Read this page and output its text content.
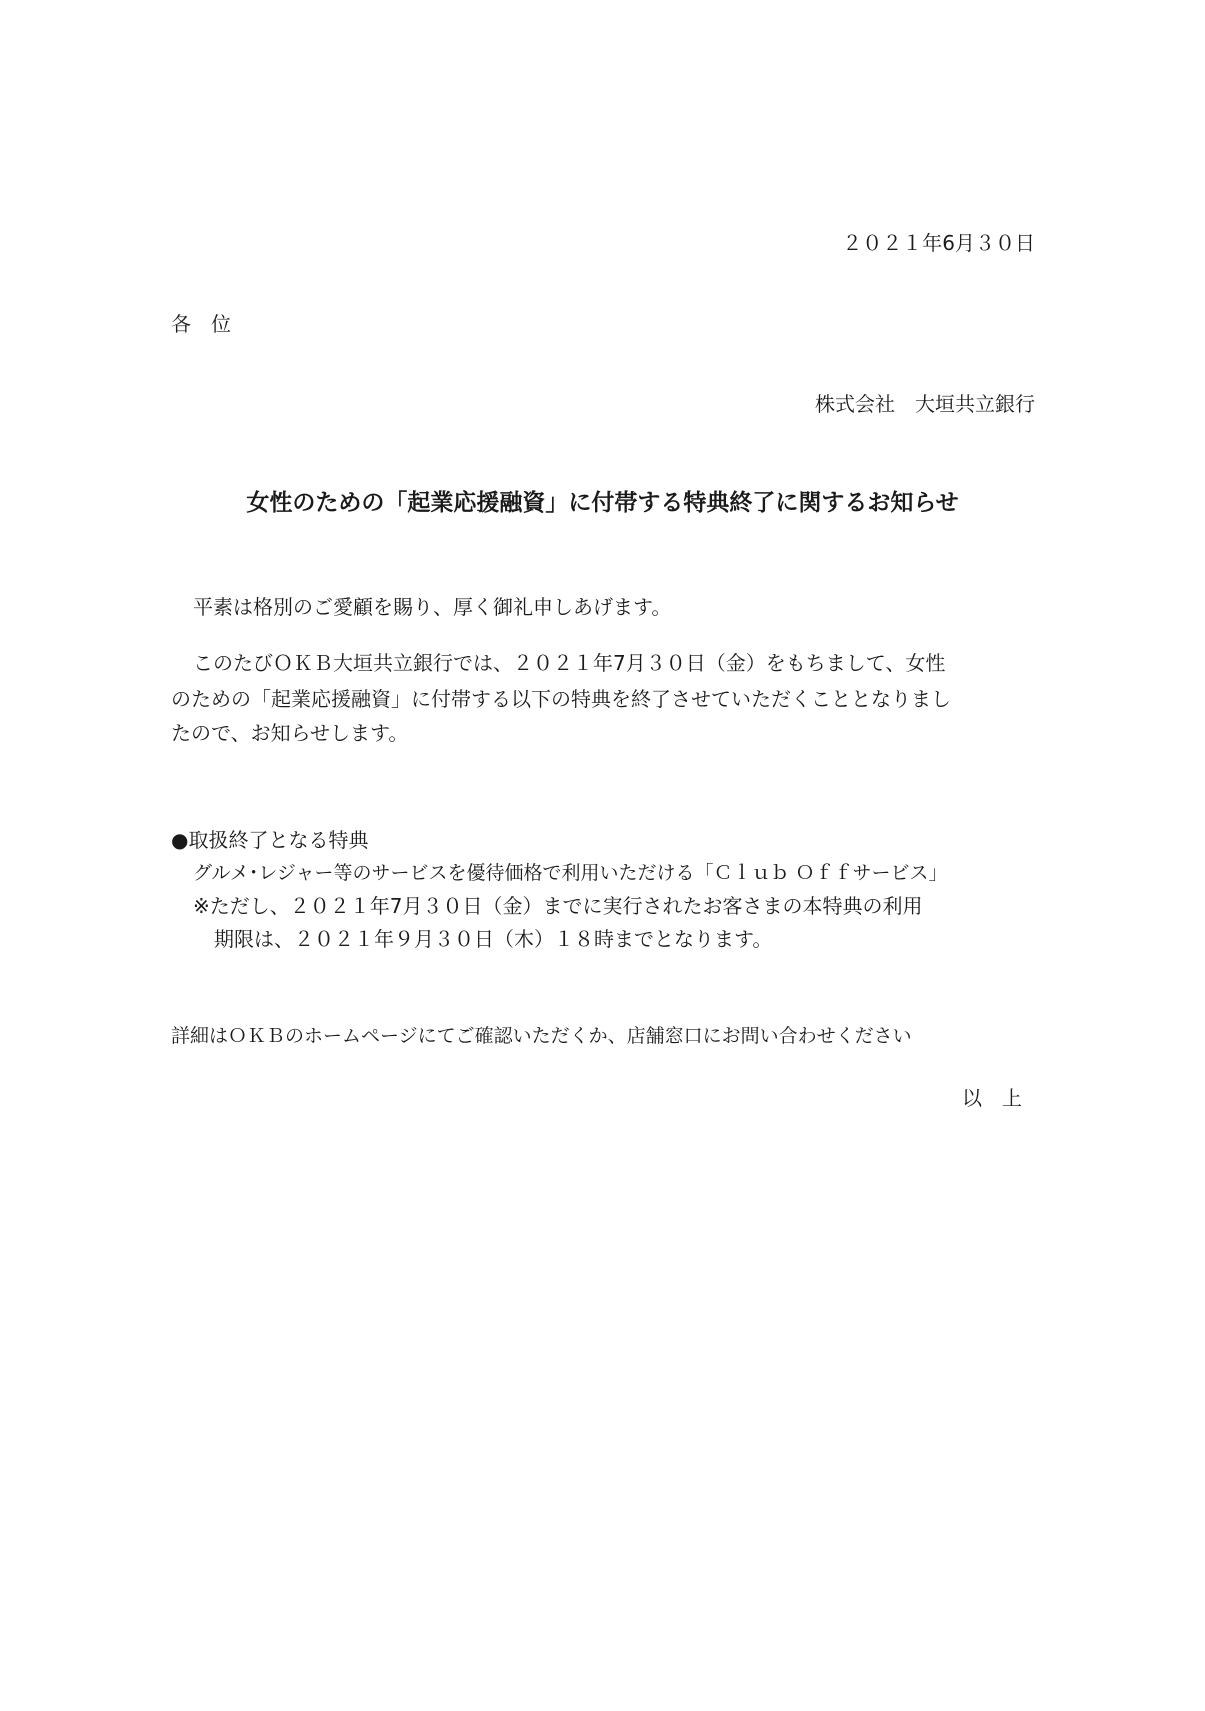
２０２１年6月３０日
各　位
株式会社　大垣共立銀行
女性のための「起業応援融資」に付帯する特典終了に関するお知らせ
平素は格別のご愛顧を賜り、厚く御礼申しあげます。
このたびＯＫＢ大垣共立銀行では、２０２１年7月３０日（金）をもちまして、女性
のための「起業応援融資」に付帯する以下の特典を終了させていただくこととなりまし
たので、お知らせします。
●取扱終了となる特典
グルメ･レジャー等のサービスを優待価格で利用いただける「Ｃｌｕｂ Ｏｆｆサービス」
※ただし、２０２１年7月３０日（金）までに実行されたお客さまの本特典の利用
期限は、２０２１年９月３０日（木）１８時までとなります。
詳細はＯＫＢのホームページにてご確認いただくか、店舗窓口にお問い合わせください
以　上
